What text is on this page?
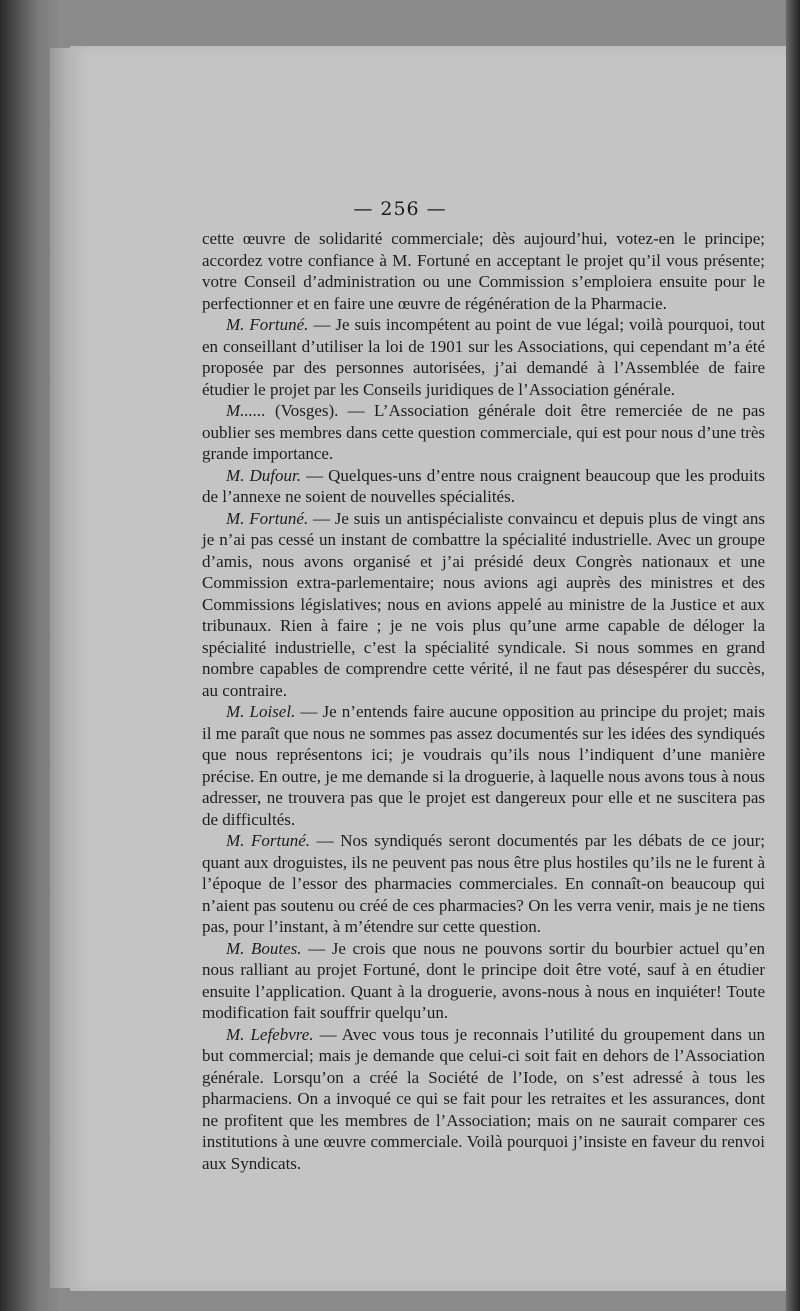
— 256 —

cette œuvre de solidarité commerciale; dès aujourd’hui, votez-en le principe; accordez votre confiance à M. Fortuné en acceptant le projet qu’il vous présente; votre Conseil d’administration ou une Commission s’emploiera ensuite pour le perfectionner et en faire une œuvre de régénération de la Pharmacie.

M. Fortuné. — Je suis incompétent au point de vue légal; voilà pourquoi, tout en conseillant d’utiliser la loi de 1901 sur les Associations, qui cependant m’a été proposée par des personnes autorisées, j’ai demandé à l’Assemblée de faire étudier le projet par les Conseils juridiques de l’Association générale.

M...... (Vosges). — L’Association générale doit être remerciée de ne pas oublier ses membres dans cette question commerciale, qui est pour nous d’une très grande importance.

M. Dufour. — Quelques-uns d’entre nous craignent beaucoup que les produits de l’annexe ne soient de nouvelles spécialités.

M. Fortuné. — Je suis un antispécialiste convaincu et depuis plus de vingt ans je n’ai pas cessé un instant de combattre la spécialité industrielle. Avec un groupe d’amis, nous avons organisé et j’ai présidé deux Congrès nationaux et une Commission extra-parlementaire; nous avions agi auprès des ministres et des Commissions législatives; nous en avions appelé au ministre de la Justice et aux tribunaux. Rien à faire ; je ne vois plus qu’une arme capable de déloger la spécialité industrielle, c’est la spécialité syndicale. Si nous sommes en grand nombre capables de comprendre cette vérité, il ne faut pas désespérer du succès, au contraire.

M. Loisel. — Je n’entends faire aucune opposition au principe du projet; mais il me paraît que nous ne sommes pas assez documentés sur les idées des syndiqués que nous représentons ici; je voudrais qu’ils nous l’indiquent d’une manière précise. En outre, je me demande si la droguerie, à laquelle nous avons tous à nous adresser, ne trouvera pas que le projet est dangereux pour elle et ne suscitera pas de difficultés.

M. Fortuné. — Nos syndiqués seront documentés par les débats de ce jour; quant aux droguistes, ils ne peuvent pas nous être plus hostiles qu’ils ne le furent à l’époque de l’essor des pharmacies commerciales. En connaît-on beaucoup qui n’aient pas soutenu ou créé de ces pharmacies? On les verra venir, mais je ne tiens pas, pour l’instant, à m’étendre sur cette question.

M. Boutes. — Je crois que nous ne pouvons sortir du bourbier actuel qu’en nous ralliant au projet Fortuné, dont le principe doit être voté, sauf à en étudier ensuite l’application. Quant à la droguerie, avons-nous à nous en inquiéter! Toute modification fait souffrir quelqu’un.

M. Lefebvre. — Avec vous tous je reconnais l’utilité du groupement dans un but commercial; mais je demande que celui-ci soit fait en dehors de l’Association générale. Lorsqu’on a créé la Société de l’Iode, on s’est adressé à tous les pharmaciens. On a invoqué ce qui se fait pour les retraites et les assurances, dont ne profitent que les membres de l’Association; mais on ne saurait comparer ces institutions à une œuvre commerciale. Voilà pourquoi j’insiste en faveur du renvoi aux Syndicats.
